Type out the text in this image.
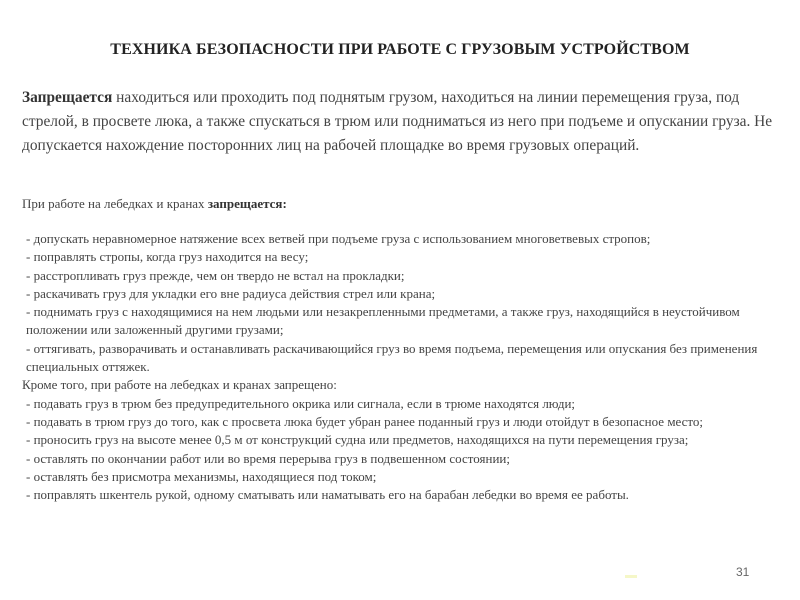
ТЕХНИКА БЕЗОПАСНОСТИ ПРИ РАБОТЕ С ГРУЗОВЫМ УСТРОЙСТВОМ
Запрещается находиться или проходить под поднятым грузом, находиться на линии перемещения груза, под стрелой, в просвете люка, а также спускаться в трюм или подниматься из него при подъеме и опускании груза. Не допускается нахождение посторонних лиц на рабочей площадке во время грузовых операций.
При работе на лебедках и кранах запрещается:

- допускать неравномерное натяжение всех ветвей при подъеме груза с использованием многоветвевых стропов;

- поправлять стропы, когда груз находится на весу;

- расстропливать груз прежде, чем он твердо не встал на прокладки;

- раскачивать груз для укладки его вне радиуса действия стрел или крана;

- поднимать груз с находящимися на нем людьми или незакрепленными предметами, а также груз, находящийся в неустойчивом положении или заложенный другими грузами;

- оттягивать, разворачивать и останавливать раскачивающийся груз во время подъема, перемещения или опускания без применения специальных оттяжек.

Кроме того, при работе на лебедках и кранах запрещено:

- подавать груз в трюм без предупредительного окрика или сигнала, если в трюме находятся люди;

- подавать в трюм груз до того, как с просвета люка будет убран ранее поданный груз и люди отойдут в безопасное место;

- проносить груз на высоте менее 0,5 м от конструкций судна или предметов, находящихся на пути перемещения груза;

- оставлять по окончании работ или во время перерыва груз в подвешенном состоянии;

- оставлять без присмотра механизмы, находящиеся под током;

- поправлять шкентель рукой, одному сматывать или наматывать его на барабан лебедки во время ее работы.

31
